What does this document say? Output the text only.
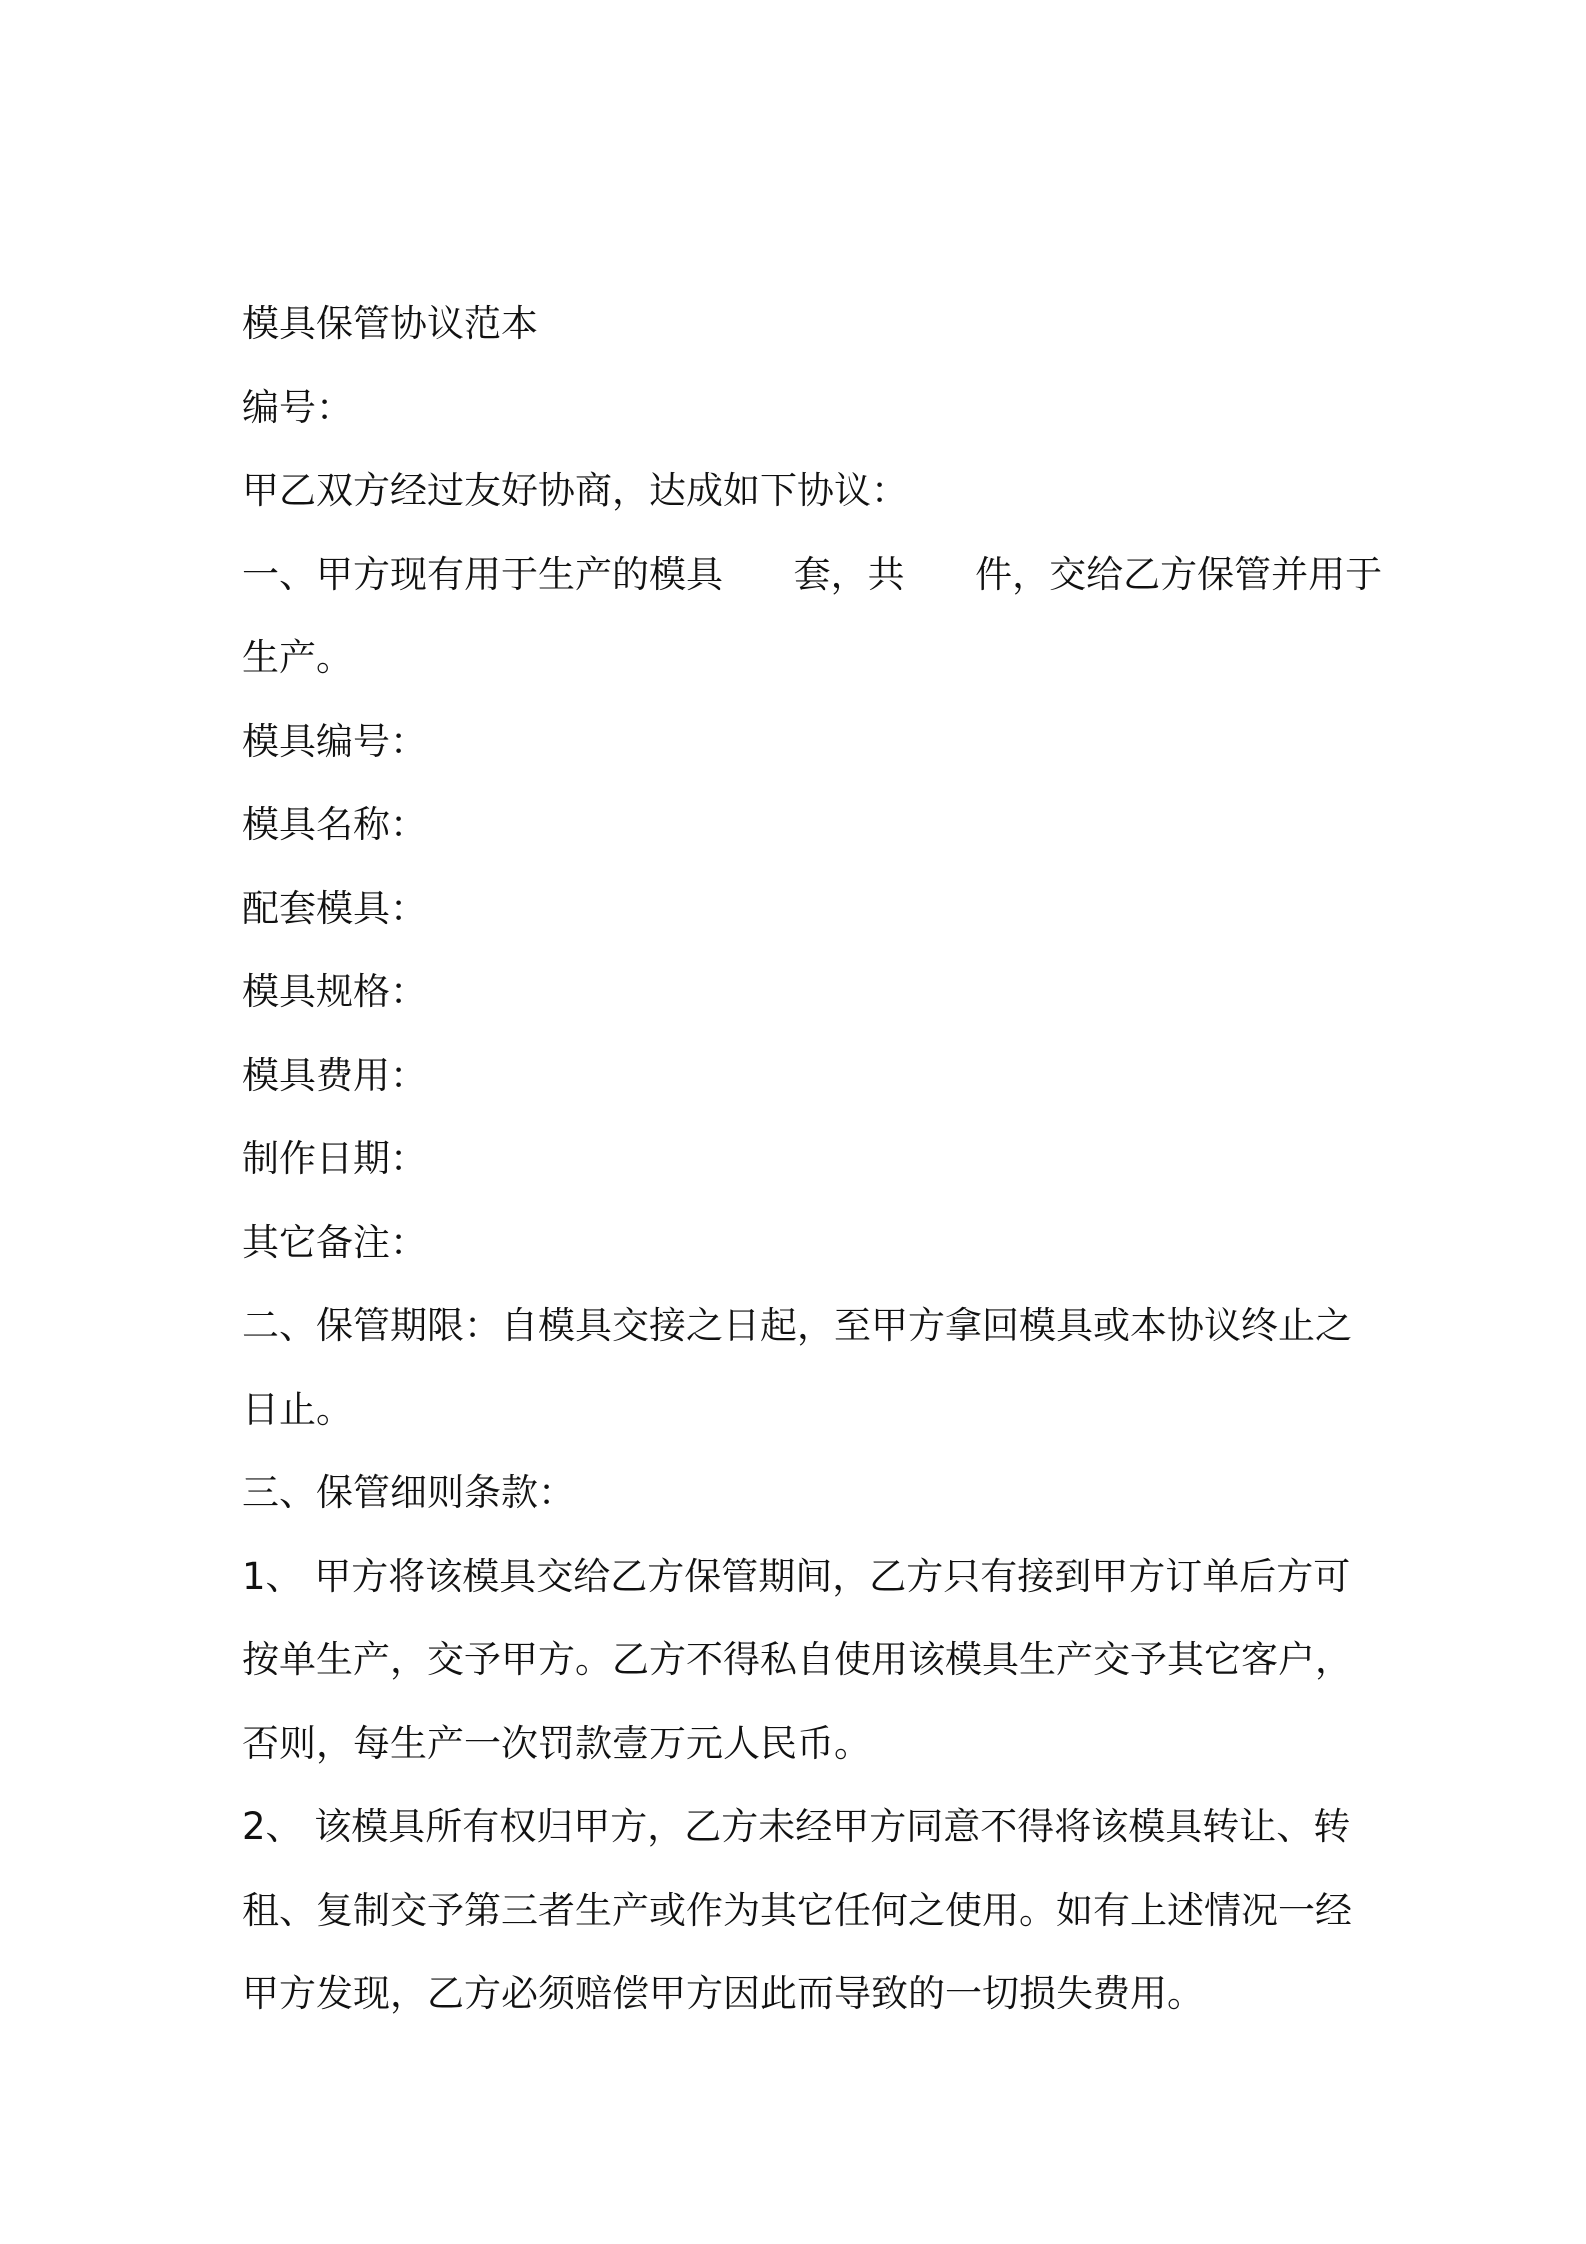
模具保管协议范本
编号：
甲乙双方经过友好协商，达成如下协议：
一、甲方现有用于生产的模具      套，共      件，交给乙方保管并用于
生产。
模具编号：
模具名称：
配套模具：
模具规格：
模具费用：
制作日期：
其它备注：
二、保管期限：自模具交接之日起，至甲方拿回模具或本协议终止之
日止。
三、保管细则条款：
1、 甲方将该模具交给乙方保管期间，乙方只有接到甲方订单后方可
按单生产，交予甲方。乙方不得私自使用该模具生产交予其它客户，
否则，每生产一次罚款壹万元人民币。
2、 该模具所有权归甲方，乙方未经甲方同意不得将该模具转让、转
租、复制交予第三者生产或作为其它任何之使用。如有上述情况一经
甲方发现，乙方必须赔偿甲方因此而导致的一切损失费用。
